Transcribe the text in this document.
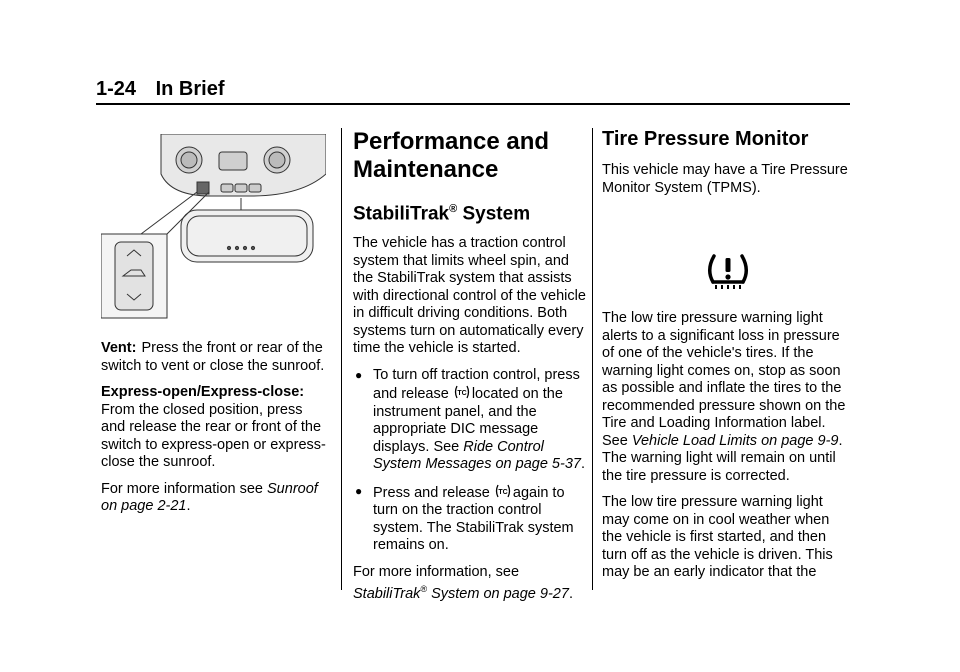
1-24 In Brief

Vent: Press the front or rear of the switch to vent or close the sunroof.

Express-open/Express-close:
From the closed position, press and release the rear or front of the switch to express-open or express-close the sunroof.

For more information see Sunroof on page 2-21.

Performance and Maintenance
StabiliTrak® System

The vehicle has a traction control system that limits wheel spin, and the StabiliTrak system that assists with directional control of the vehicle in difficult driving conditions. Both systems turn on automatically every time the vehicle is started.

● To turn off traction control, press and release TC located on the instrument panel, and the appropriate DIC message displays. See Ride Control System Messages on page 5-37.
● Press and release TC again to turn on the traction control system. The StabiliTrak system remains on.

For more information, see
StabiliTrak® System on page 9-27.

Tire Pressure Monitor

This vehicle may have a Tire Pressure Monitor System (TPMS).

The low tire pressure warning light alerts to a significant loss in pressure of one of the vehicle's tires. If the warning light comes on, stop as soon as possible and inflate the tires to the recommended pressure shown on the Tire and Loading Information label. See Vehicle Load Limits on page 9-9. The warning light will remain on until the tire pressure is corrected.

The low tire pressure warning light may come on in cool weather when the vehicle is first started, and then turn off as the vehicle is driven. This may be an early indicator that the
